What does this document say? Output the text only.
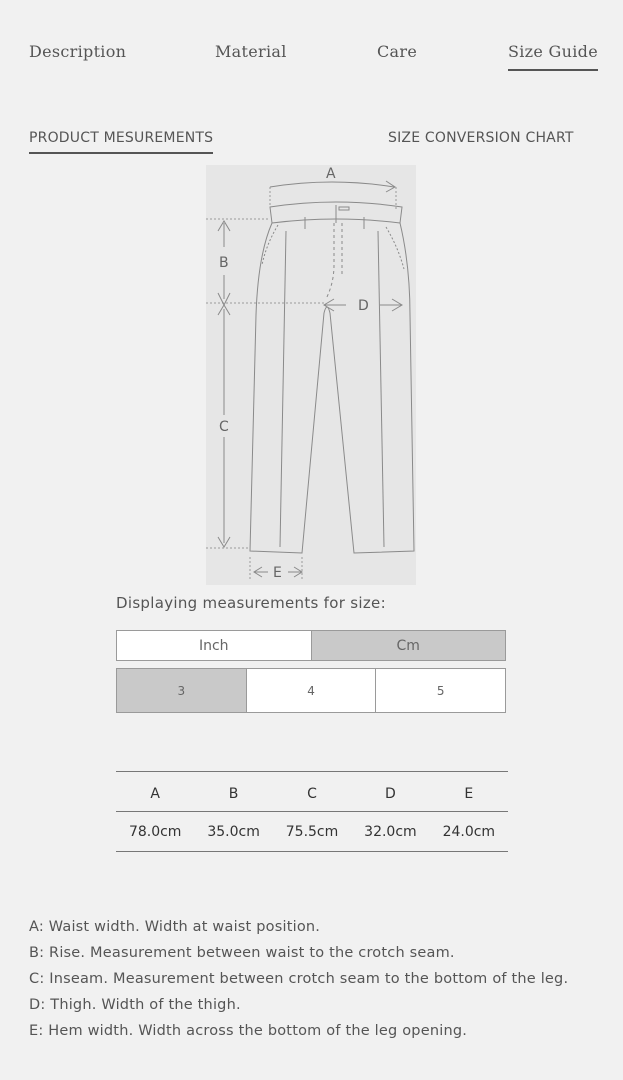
Description	Material	Care	Size Guide
PRODUCT MESUREMENTS	SIZE CONVERSION CHART
A
B
C
D
E
Displaying measurements for size:
Inch	Cm
3	4	5
A	B	C	D	E
78.0cm	35.0cm	75.5cm	32.0cm	24.0cm
A: Waist width. Width at waist position.
B: Rise. Measurement between waist to the crotch seam.
C: Inseam. Measurement between crotch seam to the bottom of the leg.
D: Thigh. Width of the thigh.
E: Hem width. Width across the bottom of the leg opening.
